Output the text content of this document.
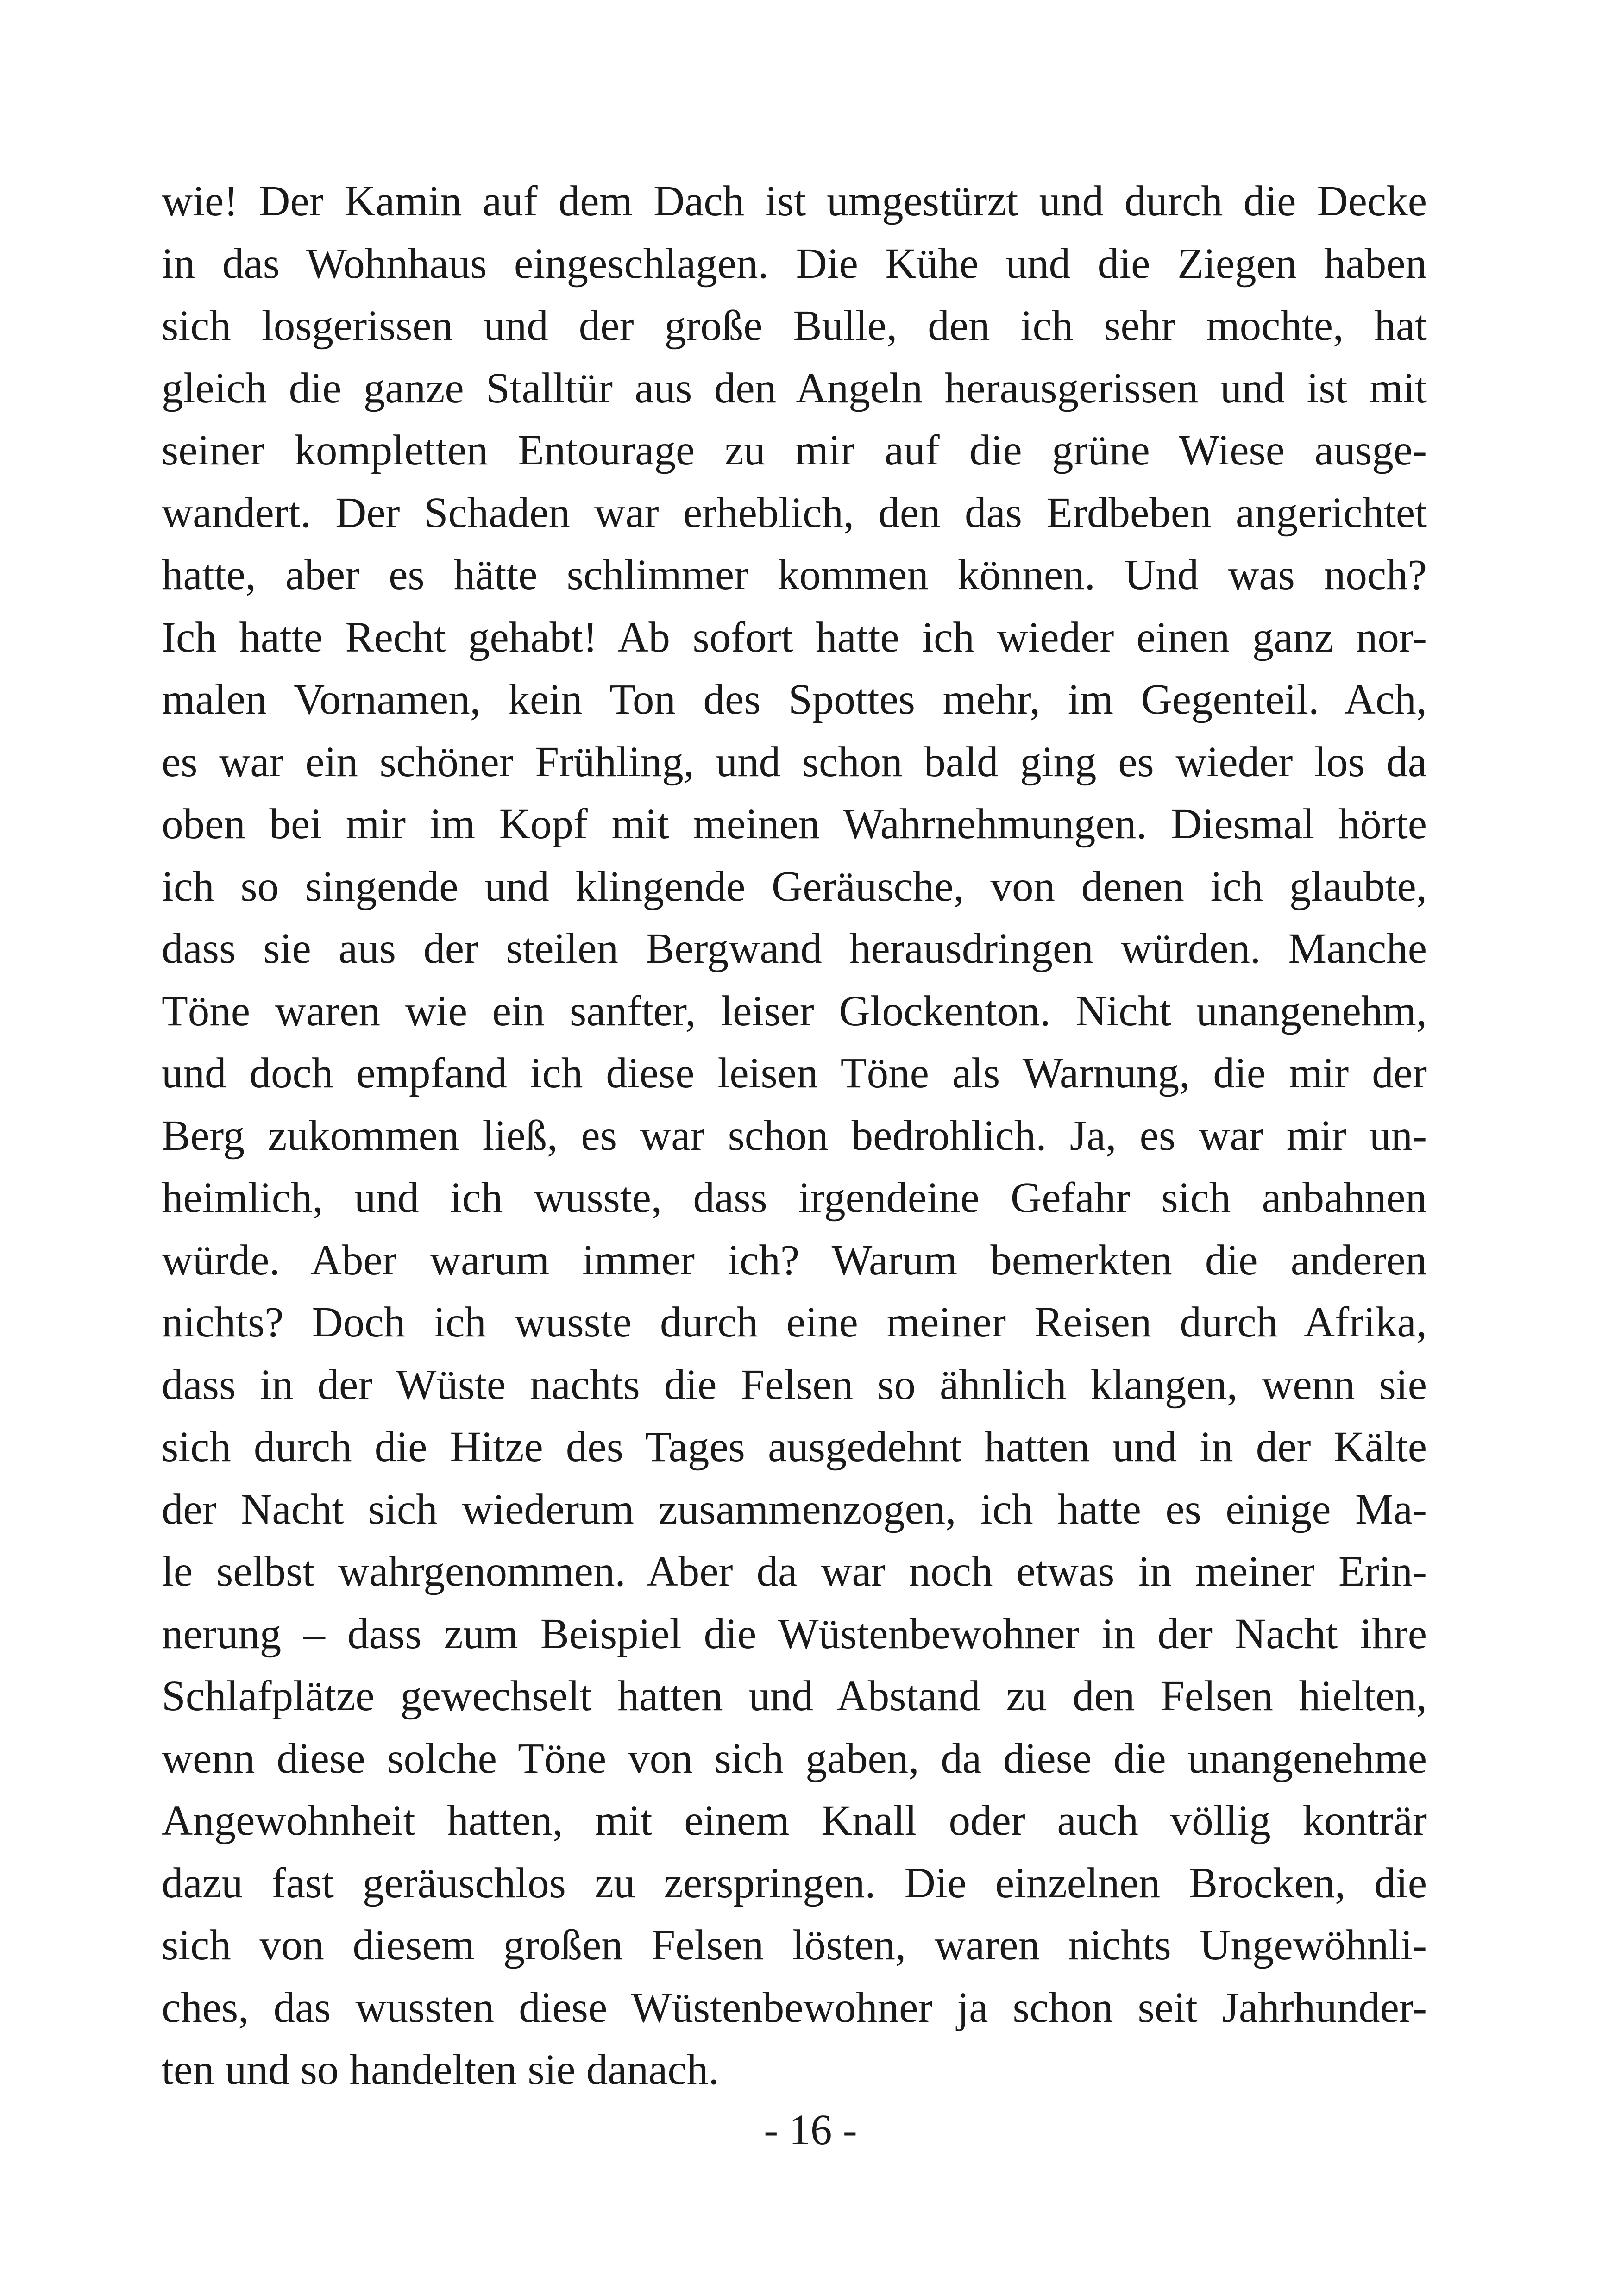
wie! Der Kamin auf dem Dach ist umgestürzt und durch die Decke
in das Wohnhaus eingeschlagen. Die Kühe und die Ziegen haben
sich losgerissen und der große Bulle, den ich sehr mochte, hat
gleich die ganze Stalltür aus den Angeln herausgerissen und ist mit
seiner kompletten Entourage zu mir auf die grüne Wiese ausge-
wandert. Der Schaden war erheblich, den das Erdbeben angerichtet
hatte, aber es hätte schlimmer kommen können. Und was noch?
Ich hatte Recht gehabt! Ab sofort hatte ich wieder einen ganz nor-
malen Vornamen, kein Ton des Spottes mehr, im Gegenteil. Ach,
es war ein schöner Frühling, und schon bald ging es wieder los da
oben bei mir im Kopf mit meinen Wahrnehmungen. Diesmal hörte
ich so singende und klingende Geräusche, von denen ich glaubte,
dass sie aus der steilen Bergwand herausdringen würden. Manche
Töne waren wie ein sanfter, leiser Glockenton. Nicht unangenehm,
und doch empfand ich diese leisen Töne als Warnung, die mir der
Berg zukommen ließ, es war schon bedrohlich. Ja, es war mir un-
heimlich, und ich wusste, dass irgendeine Gefahr sich anbahnen
würde. Aber warum immer ich? Warum bemerkten die anderen
nichts? Doch ich wusste durch eine meiner Reisen durch Afrika,
dass in der Wüste nachts die Felsen so ähnlich klangen, wenn sie
sich durch die Hitze des Tages ausgedehnt hatten und in der Kälte
der Nacht sich wiederum zusammenzogen, ich hatte es einige Ma-
le selbst wahrgenommen. Aber da war noch etwas in meiner Erin-
nerung – dass zum Beispiel die Wüstenbewohner in der Nacht ihre
Schlafplätze gewechselt hatten und Abstand zu den Felsen hielten,
wenn diese solche Töne von sich gaben, da diese die unangenehme
Angewohnheit hatten, mit einem Knall oder auch völlig konträr
dazu fast geräuschlos zu zerspringen. Die einzelnen Brocken, die
sich von diesem großen Felsen lösten, waren nichts Ungewöhnli-
ches, das wussten diese Wüstenbewohner ja schon seit Jahrhunder-
ten und so handelten sie danach.
- 16 -
